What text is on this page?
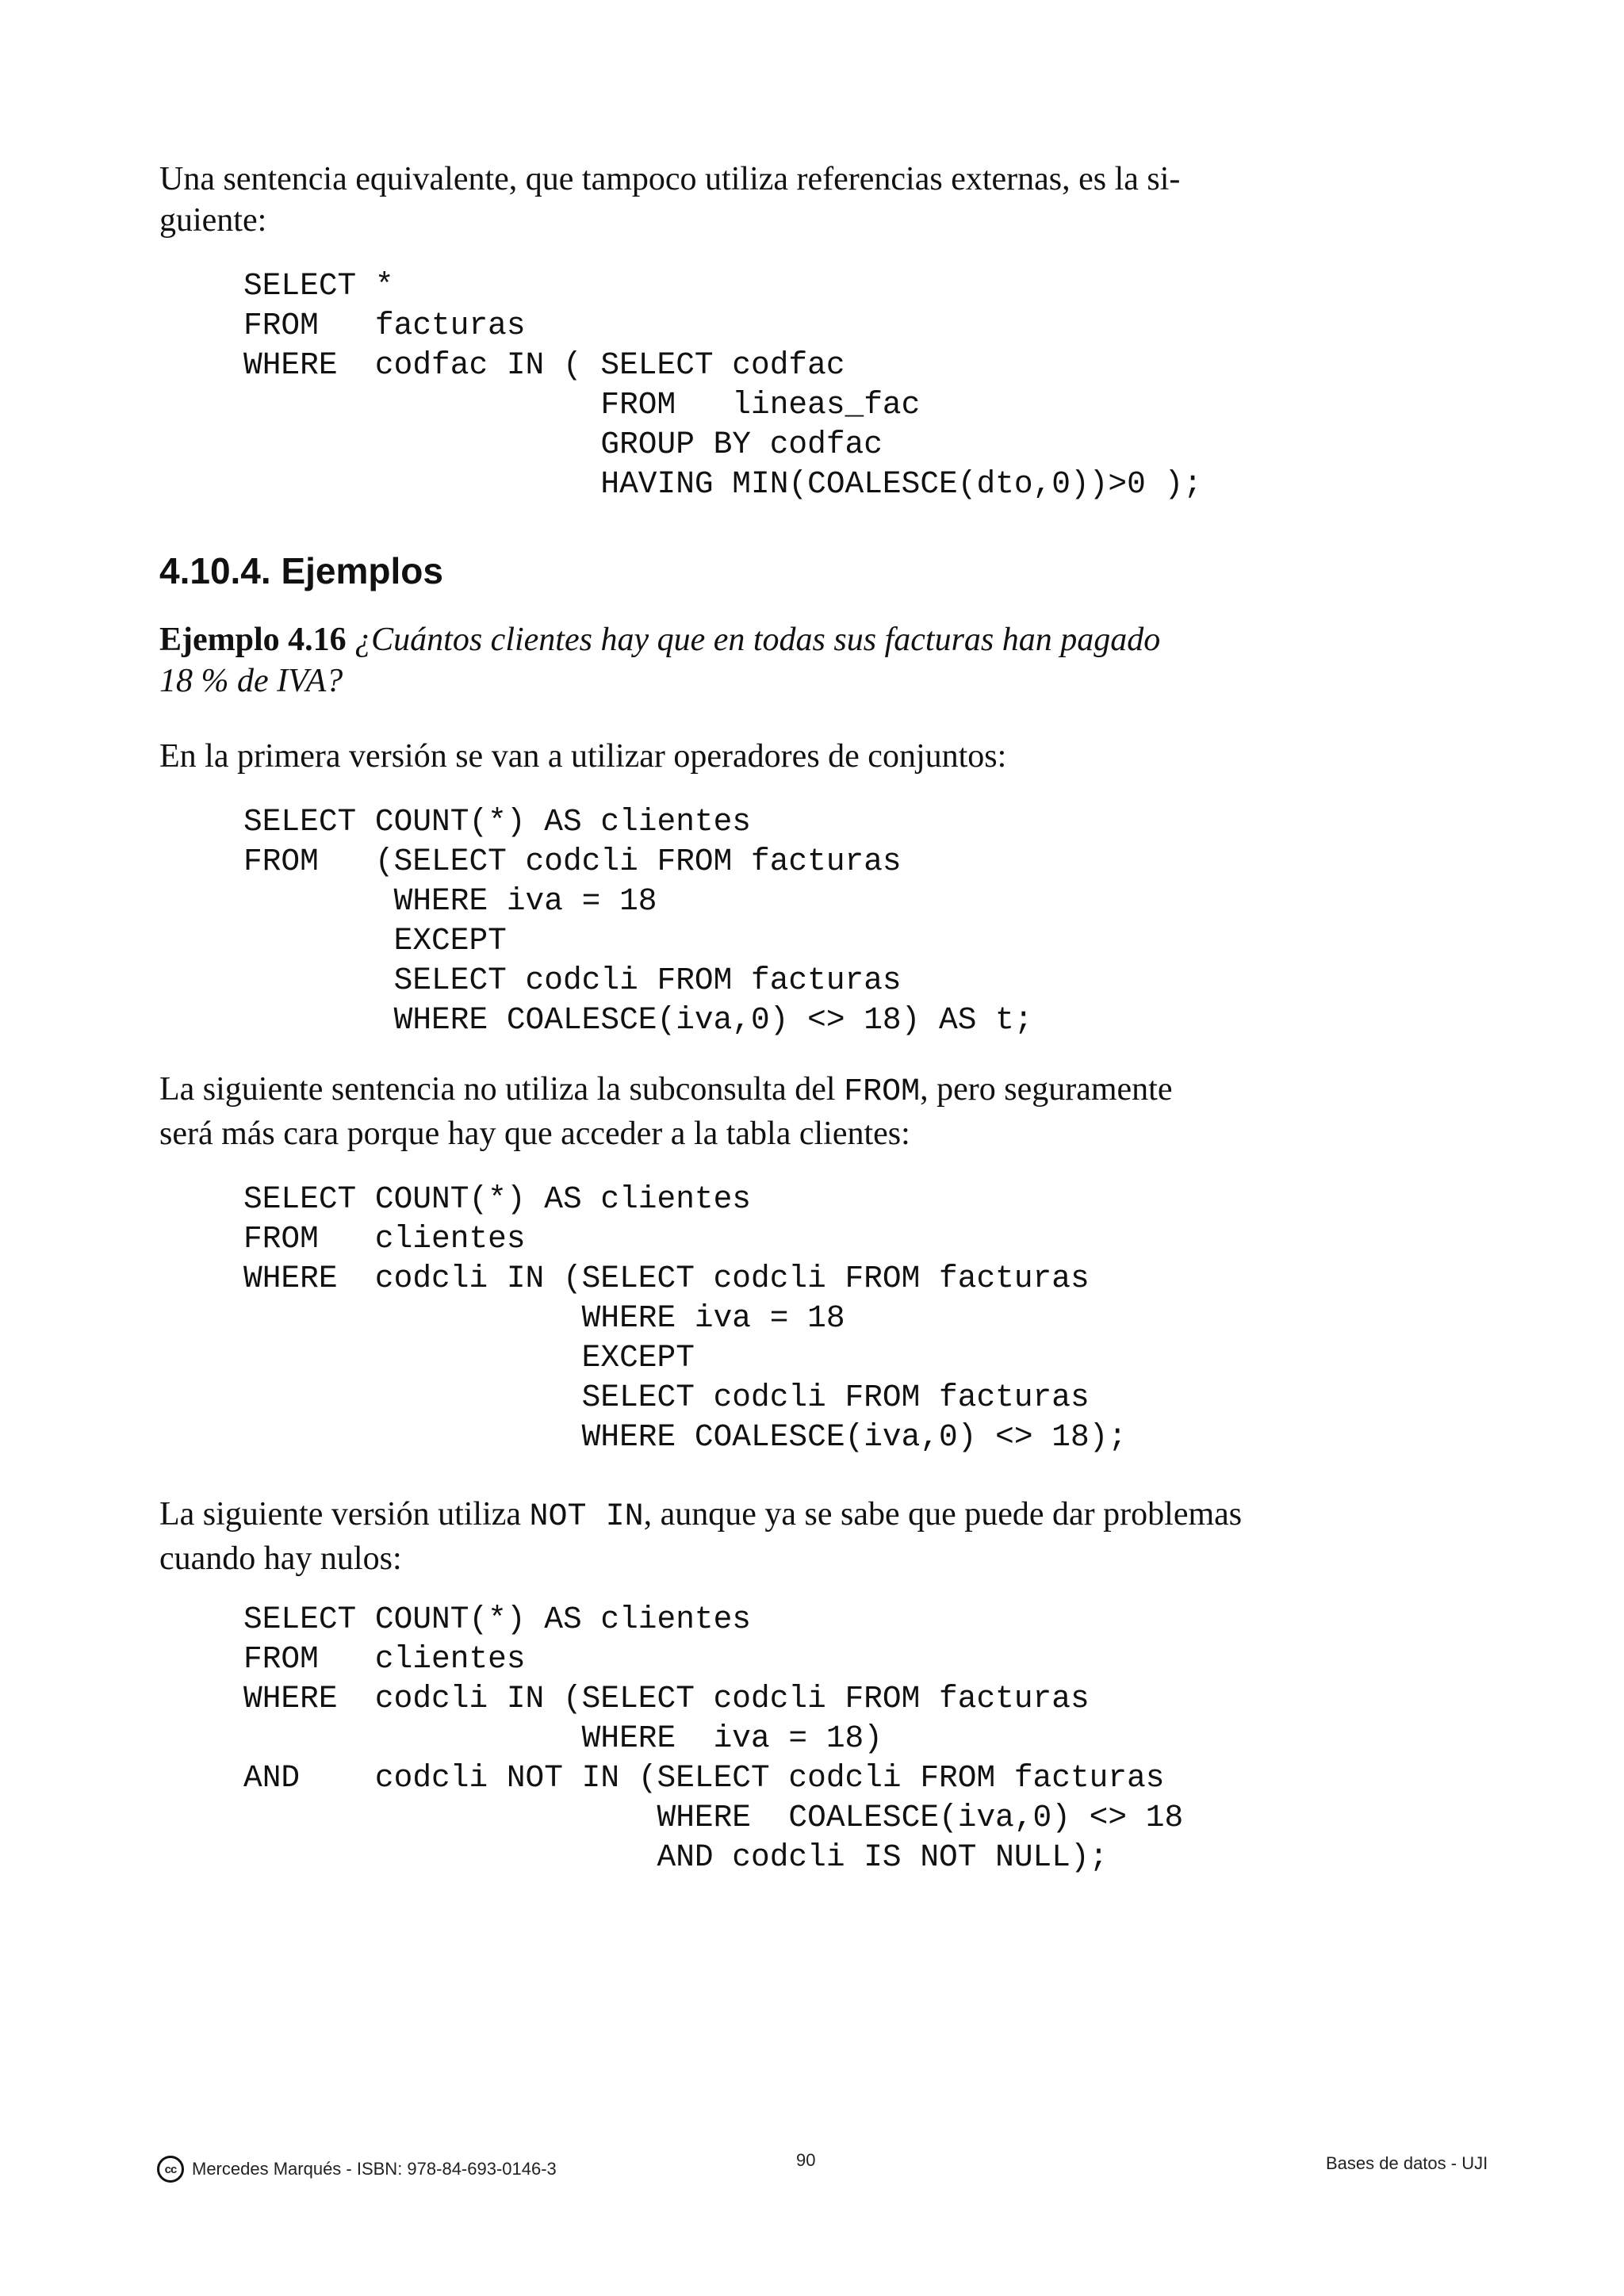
Una sentencia equivalente, que tampoco utiliza referencias externas, es la si-

guiente:

SELECT *
FROM   facturas
WHERE  codfac IN ( SELECT codfac
FROM   lineas_fac
GROUP BY codfac
HAVING MIN(COALESCE(dto,0))>0 );
4.10.4. Ejemplos

Ejemplo 4.16 ¿Cuántos clientes hay que en todas sus facturas han pagado

18 % de IVA?

En la primera versión se van a utilizar operadores de conjuntos:

SELECT COUNT(*) AS clientes
FROM   (SELECT codcli FROM facturas
WHERE iva = 18
EXCEPT
SELECT codcli FROM facturas
WHERE COALESCE(iva,0) <> 18) AS t;

La siguiente sentencia no utiliza la subconsulta del FROM, pero seguramente

será más cara porque hay que acceder a la tabla clientes:

SELECT COUNT(*) AS clientes
FROM   clientes
WHERE  codcli IN (SELECT codcli FROM facturas
WHERE iva = 18
EXCEPT
SELECT codcli FROM facturas
WHERE COALESCE(iva,0) <> 18);

La siguiente versión utiliza NOT IN, aunque ya se sabe que puede dar problemas

cuando hay nulos:

SELECT COUNT(*) AS clientes
FROM   clientes
WHERE  codcli IN (SELECT codcli FROM facturas
WHERE  iva = 18)
AND    codcli NOT IN (SELECT codcli FROM facturas
WHERE  COALESCE(iva,0) <> 18
AND codcli IS NOT NULL);
cc Mercedes Marqués - ISBN: 978-84-693-0146-3	90	Bases de datos - UJI
